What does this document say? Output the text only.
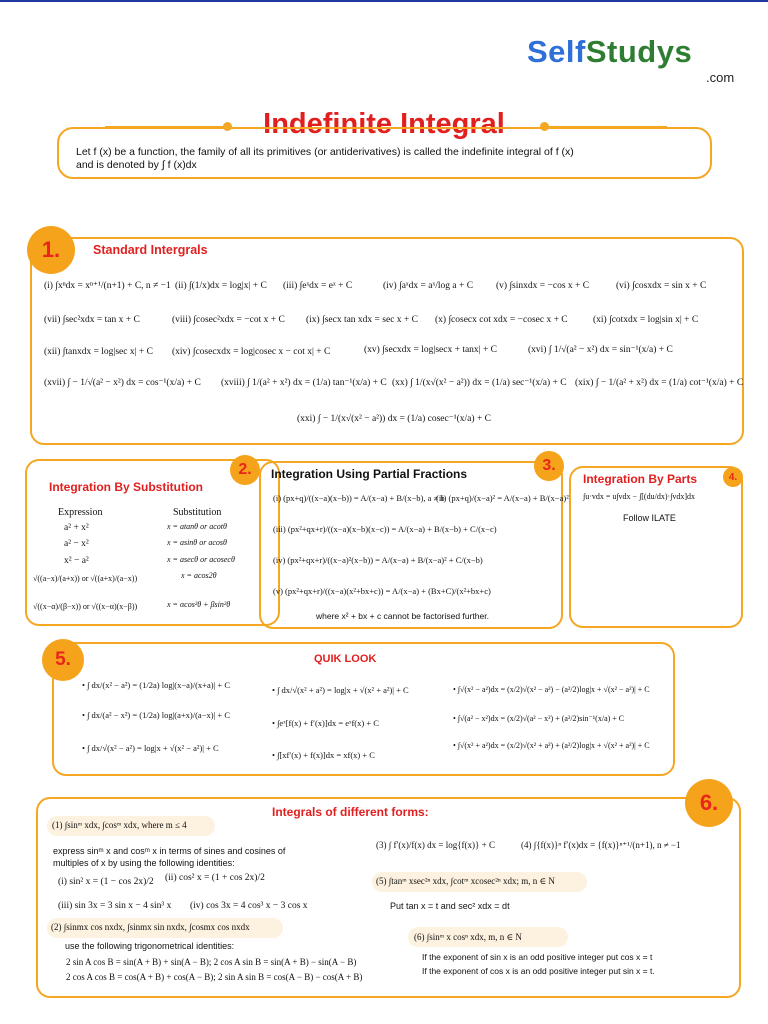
SelfStudys
.com
Indefinite Integral
Let f (x) be a function, the family of all its primitives (or antiderivatives) is called the indefinite integral of f (x)
and is denoted by ∫ f (x)dx
1.	Standard Intergrals
(i) ∫xⁿdx = xⁿ⁺¹/(n+1) + C, n ≠ −1 (ii) ∫(1/x)dx = log|x| + C (iii) ∫eˣdx = eˣ + C	(iv) ∫aˣdx = aˣ/log a + C (v) ∫sinxdx = −cos x + C	(vi) ∫cosxdx = sin x + C
(vii) ∫sec²xdx = tan x + C	(viii) ∫cosec²xdx = −cot x + C (ix) ∫secx tan xdx = sec x + C (x) ∫cosecx cot xdx = −cosec x + C	(xi) ∫cotxdx = log|sin x| + C
(xii) ∫tanxdx = log|sec x| + C (xiv) ∫cosecxdx = log|cosec x − cot x| + C	(xv) ∫secxdx = log|secx + tanx| + C	(xvi) ∫ 1/√(a² − x²) dx = sin⁻¹(x/a) + C
(xvii) ∫ − 1/√(a² − x²) dx = cos⁻¹(x/a) + C (xviii) ∫ 1/(a² + x²) dx = (1/a) tan⁻¹(x/a) + C (xx) ∫ 1/(x√(x² − a²)) dx = (1/a) sec⁻¹(x/a) + C (xix) ∫ − 1/(a² + x²) dx = (1/a) cot⁻¹(x/a) + C
(xxi) ∫ − 1/(x√(x² − a²)) dx = (1/a) cosec⁻¹(x/a) + C
2.
Integration By Substitution
Expression	Substitution
a² + x²	x = atanθ or acotθ
a² − x²	x = asinθ or acosθ
x² − a²	x = asecθ or acosecθ
√((a−x)/(a+x)) or √((a+x)/(a−x))	x = acos2θ
√((x−α)/(β−x)) or √((x−α)(x−β))	x = αcos²θ + βsin²θ
3.
Integration Using Partial Fractions
(i) (px+q)/((x−a)(x−b)) = A/(x−a) + B/(x−b), a ≠ b
(ii) (px+q)/(x−a)² = A/(x−a) + B/(x−a)²
(iii) (px²+qx+r)/((x−a)(x−b)(x−c)) = A/(x−a) + B/(x−b) + C/(x−c)
(iv) (px²+qx+r)/((x−a)²(x−b)) = A/(x−a) + B/(x−a)² + C/(x−b)
(v) (px²+qx+r)/((x−a)(x²+bx+c)) = A/(x−a) + (Bx+C)/(x²+bx+c)
where x² + bx + c cannot be factorised further.
4.
Integration By Parts
∫u·vdx = u∫vdx − ∫[(du/dx)·∫vdx]dx
Follow ILATE
5.	QUIK LOOK
• ∫ dx/(x² − a²) = (1/2a) log|(x−a)/(x+a)| + C
• ∫ dx/(a² − x²) = (1/2a) log|(a+x)/(a−x)| + C
• ∫ dx/√(x² − a²) = log|x + √(x² − a²)| + C
• ∫ dx/√(x² + a²) = log|x + √(x² + a²)| + C
• ∫eˣ[f(x) + f′(x)]dx = eˣf(x) + C
• ∫[xf′(x) + f(x)]dx = xf(x) + C
• ∫√(x² − a²)dx = (x/2)√(x² − a²) − (a²/2)log|x + √(x² − a²)| + C
• ∫√(a² − x²)dx = (x/2)√(a² − x²) + (a²/2)sin⁻¹(x/a) + C
• ∫√(x² + a²)dx = (x/2)√(x² + a²) + (a²/2)log|x + √(x² + a²)| + C
6.
Integrals of different forms:
(1) ∫sinᵐ xdx, ∫cosᵐ xdx, where m ≤ 4
express sinᵐ x and cosᵐ x in terms of sines and cosines of
multiples of x by using the following identities:
(i) sin² x = (1 − cos 2x)/2 (ii) cos² x = (1 + cos 2x)/2
(iii) sin 3x = 3 sin x − 4 sin³ x (iv) cos 3x = 4 cos³ x − 3 cos x
(2) ∫sinmx cos nxdx, ∫sinmx sin nxdx, ∫cosmx cos nxdx
use the following trigonometrical identities:
2 sin A cos B = sin(A + B) + sin(A − B); 2 cos A sin B = sin(A + B) − sin(A − B)
2 cos A cos B = cos(A + B) + cos(A − B); 2 sin A sin B = cos(A − B) − cos(A + B)
(3) ∫ f′(x)/f(x) dx = log{f(x)} + C	(4) ∫{f(x)}ⁿ f′(x)dx = {f(x)}ⁿ⁺¹/(n+1), n ≠ −1
(5) ∫tanᵐ xsec²ⁿ xdx, ∫cotᵐ xcosec²ⁿ xdx; m, n ∈ N
Put tan x = t and sec² xdx = dt
(6) ∫sinᵐ x cosⁿ xdx, m, n ∈ N
If the exponent of sin x is an odd positive integer put cos x = t
If the exponent of cos x is an odd positive integer put sin x = t.
